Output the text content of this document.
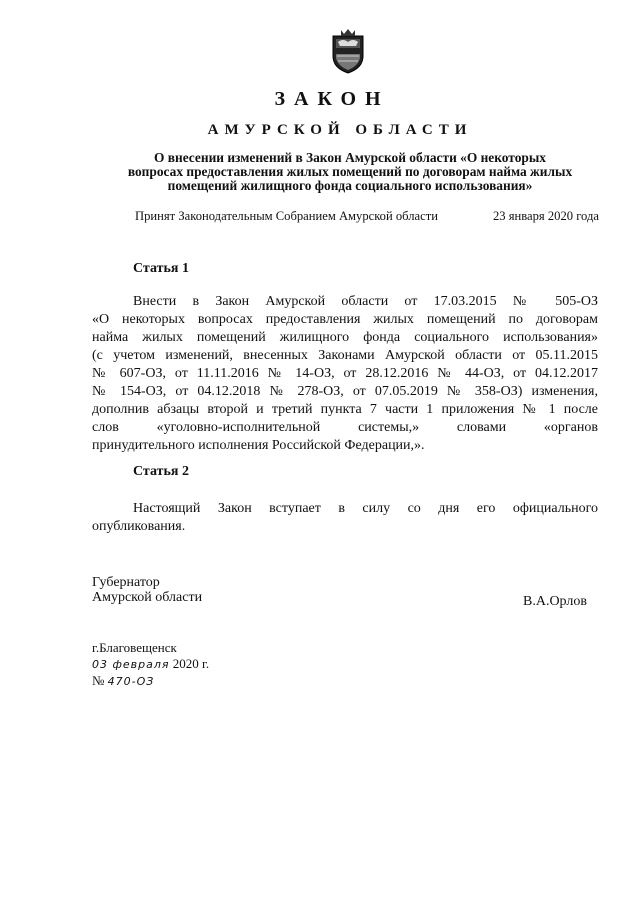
ЗАКОН
АМУРСКОЙ ОБЛАСТИ
О внесении изменений в Закон Амурской области «О некоторых
вопросах предоставления жилых помещений по договорам найма жилых
помещений жилищного фонда социального использования»
Принят Законодательным Собранием Амурской области	23 января 2020 года
Статья 1
Внести в Закон Амурской области от 17.03.2015 № 505-ОЗ
«О некоторых вопросах предоставления жилых помещений по договорам
найма жилых помещений жилищного фонда социального использования»
(с учетом изменений, внесенных Законами Амурской области от 05.11.2015
№ 607-ОЗ, от 11.11.2016 № 14-ОЗ, от 28.12.2016 № 44-ОЗ, от 04.12.2017
№ 154-ОЗ, от 04.12.2018 № 278-ОЗ, от 07.05.2019 № 358-ОЗ) изменения,
дополнив абзацы второй и третий пункта 7 части 1 приложения № 1 после
слов «уголовно-исполнительной системы,» словами «органов
принудительного исполнения Российской Федерации,».
Статья 2
Настоящий Закон вступает в силу со дня его официального
опубликования.
Губернатор
Амурской области	В.А.Орлов
г.Благовещенск
03 февраля 2020 г.
№ 470-ОЗ
